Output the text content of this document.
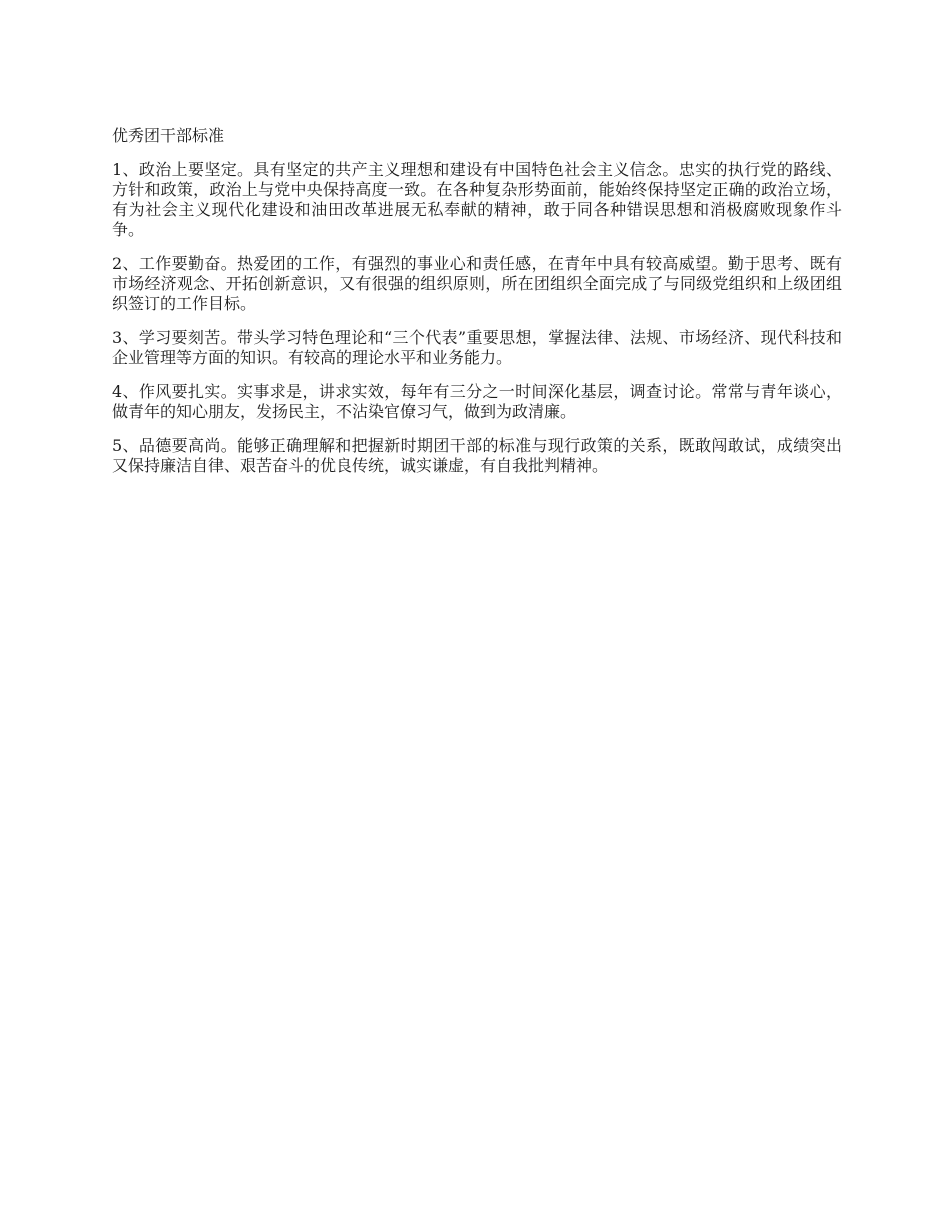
优秀团干部标准

1、政治上要坚定。具有坚定的共产主义理想和建设有中国特色社会主义信念。忠实的执行党的路线、方针和政策，政治上与党中央保持高度一致。在各种复杂形势面前，能始终保持坚定正确的政治立场，有为社会主义现代化建设和油田改革进展无私奉献的精神，敢于同各种错误思想和消极腐败现象作斗争。

2、工作要勤奋。热爱团的工作，有强烈的事业心和责任感，在青年中具有较高威望。勤于思考、既有市场经济观念、开拓创新意识，又有很强的组织原则，所在团组织全面完成了与同级党组织和上级团组织签订的工作目标。

3、学习要刻苦。带头学习特色理论和“三个代表”重要思想，掌握法律、法规、市场经济、现代科技和企业管理等方面的知识。有较高的理论水平和业务能力。

4、作风要扎实。实事求是，讲求实效，每年有三分之一时间深化基层，调查讨论。常常与青年谈心，做青年的知心朋友，发扬民主，不沾染官僚习气，做到为政清廉。

5、品德要高尚。能够正确理解和把握新时期团干部的标准与现行政策的关系，既敢闯敢试，成绩突出又保持廉洁自律、艰苦奋斗的优良传统，诚实谦虚，有自我批判精神。
